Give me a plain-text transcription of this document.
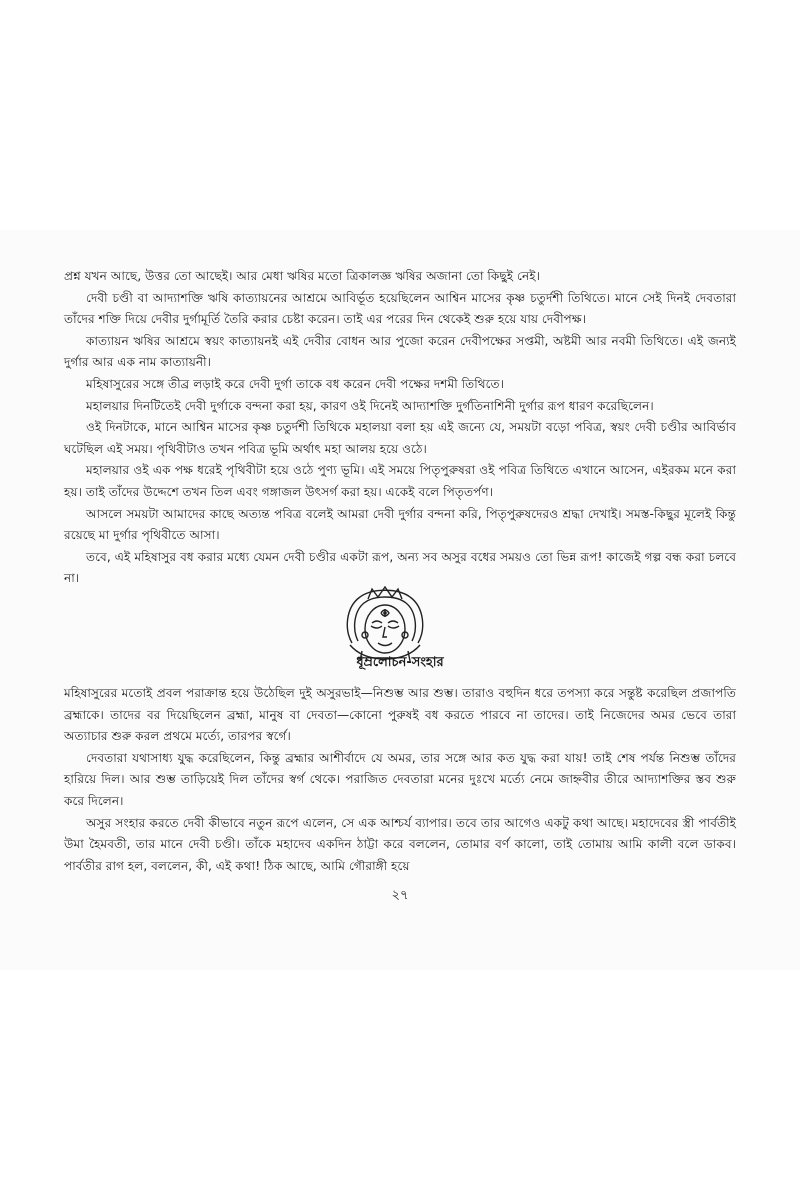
প্রশ্ন যখন আছে, উত্তর তো আছেই। আর মেধা ঋষির মতো ত্রিকালজ্ঞ ঋষির অজানা তো কিছুই নেই।

দেবী চণ্ডী বা আদ্যাশক্তি ঋষি কাত্যায়নের আশ্রমে আবির্ভূত হয়েছিলেন আশ্বিন মাসের কৃষ্ণ চতুর্দশী তিথিতে। মানে সেই দিনই দেবতারা তাঁদের শক্তি দিয়ে দেবীর দুর্গামূর্তি তৈরি করার চেষ্টা করেন। তাই এর পরের দিন থেকেই শুরু হয়ে যায় দেবীপক্ষ।

কাত্যায়ন ঋষির আশ্রমে স্বয়ং কাত্যায়নই এই দেবীর বোধন আর পুজো করেন দেবীপক্ষের সপ্তমী, অষ্টমী আর নবমী তিথিতে। এই জন্যই দুর্গার আর এক নাম কাত্যায়নী।

মহিষাসুরের সঙ্গে তীব্র লড়াই করে দেবী দুর্গা তাকে বধ করেন দেবী পক্ষের দশমী তিথিতে।

মহালয়ার দিনটিতেই দেবী দুর্গাকে বন্দনা করা হয়, কারণ ওই দিনেই আদ্যাশক্তি দুর্গতিনাশিনী দুর্গার রূপ ধারণ করেছিলেন।

ওই দিনটাকে, মানে আশ্বিন মাসের কৃষ্ণ চতুর্দশী তিথিকে মহালয়া বলা হয় এই জন্যে যে, সময়টা বড়ো পবিত্র, স্বয়ং দেবী চণ্ডীর আবির্ভাব ঘটেছিল এই সময়। পৃথিবীটাও তখন পবিত্র ভূমি অর্থাৎ মহা আলয় হয়ে ওঠে।

মহালয়ার ওই এক পক্ষ ধরেই পৃথিবীটা হয়ে ওঠে পুণ্য ভূমি। এই সময়ে পিতৃপুরুষরা ওই পবিত্র তিথিতে এখানে আসেন, এইরকম মনে করা হয়। তাই তাঁদের উদ্দেশে তখন তিল এবং গঙ্গাজল উৎসর্গ করা হয়। একেই বলে পিতৃতর্পণ।

আসলে সময়টা আমাদের কাছে অত্যন্ত পবিত্র বলেই আমরা দেবী দুর্গার বন্দনা করি, পিতৃপুরুষদেরও শ্রদ্ধা দেখাই। সমস্ত-কিছুর মূলেই কিন্তু রয়েছে মা দুর্গার পৃথিবীতে আসা।

তবে, এই মহিষাসুর বধ করার মধ্যে যেমন দেবী চণ্ডীর একটা রূপ, অন্য সব অসুর বধের সময়ও তো ভিন্ন রূপ! কাজেই গল্প বন্ধ করা চলবে না।

ধূম্রলোচন-সংহার

মহিষাসুরের মতোই প্রবল পরাক্রান্ত হয়ে উঠেছিল দুই অসুরভাই—নিশুম্ভ আর শুম্ভ। তারাও বহুদিন ধরে তপস্যা করে সন্তুষ্ট করেছিল প্রজাপতি ব্রহ্মাকে। তাদের বর দিয়েছিলেন ব্রহ্মা, মানুষ বা দেবতা—কোনো পুরুষই বধ করতে পারবে না তাদের। তাই নিজেদের অমর ভেবে তারা অত্যাচার শুরু করল প্রথমে মর্ত্যে, তারপর স্বর্গে।

দেবতারা যথাসাধ্য যুদ্ধ করেছিলেন, কিন্তু ব্রহ্মার আশীর্বাদে যে অমর, তার সঙ্গে আর কত যুদ্ধ করা যায়! তাই শেষ পর্যন্ত নিশুম্ভ তাঁদের হারিয়ে দিল। আর শুম্ভ তাড়িয়েই দিল তাঁদের স্বর্গ থেকে। পরাজিত দেবতারা মনের দুঃখে মর্ত্যে নেমে জাহ্নবীর তীরে আদ্যাশক্তির স্তব শুরু করে দিলেন।

অসুর সংহার করতে দেবী কীভাবে নতুন রূপে এলেন, সে এক আশ্চর্য ব্যাপার। তবে তার আগেও একটু কথা আছে। মহাদেবের স্ত্রী পার্বতীই উমা হৈমবতী, তার মানে দেবী চণ্ডী। তাঁকে মহাদেব একদিন ঠাট্টা করে বললেন, তোমার বর্ণ কালো, তাই তোমায় আমি কালী বলে ডাকব। পার্বতীর রাগ হল, বললেন, কী, এই কথা! ঠিক আছে, আমি গৌরাঙ্গী হয়ে

২৭
